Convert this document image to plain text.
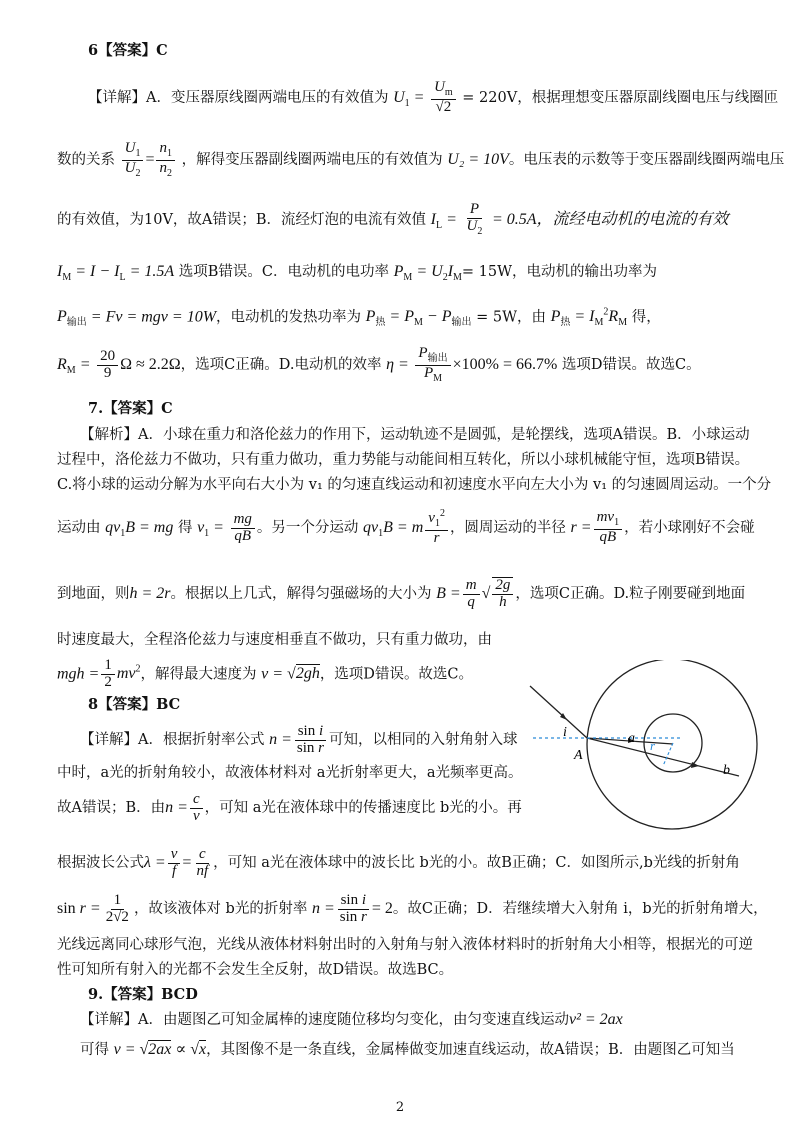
6【答案】C
【详解】A．变压器原线圈两端电压的有效值为 $U_1 = \frac{U_m}{√2} = 220V$，根据理想变压器原副线圈电压与线圈匝
数的关系 $\frac{U_1}{U_2} = \frac{n_1}{n_2}$ ，解得变压器副线圈两端电压的有效值为 U₂ = 10V。电压表的示数等于变压器副线圈两端电压
的有效值，为10V，故A错误；B．流经灯泡的电流有效值 $I_L = \frac{P}{U_2} = 0.5A$，流经电动机的电流的有效
$I_M = I - I_L = 1.5A$ 选项B错误。C．电动机的电功率 $P_M = U_2I_M= 15W$，电动机的输出功率为
$P_{输出} = Fv$ = mgv = 10W，电动机的发热功率为 $P_热 = P_M - P_{输出} = 5W$，由 $P_热 = I_M^2R_M$ 得，
$R_M = \frac{20}{9}$ Ω ≈ 2.2Ω，选项C正确。D.电动机的效率 $\eta = \frac{P_{输出}}{P_M} \times 100\% = 66.7\%$ 选项D错误。故选C。
7.【答案】C
【解析】A．小球在重力和洛伦兹力的作用下，运动轨迹不是圆弧，是轮摆线，选项A错误。B．小球运动
过程中，洛伦兹力不做功，只有重力做功，重力势能与动能间相互转化，所以小球机械能守恒，选项B错误。
C.将小球的运动分解为水平向右大小为 v₁ 的匀速直线运动和初速度水平向左大小为 v₁ 的匀速圆周运动。一个分
运动由 $qv_1B$ = mg 得 $v_1 = \frac{mg}{qB}$ 。另一个分运动 $qv_1B = m \frac{v_1^2}{r}$ ，圆周运动的半径 $r = \frac{mv_1}{qB}$ ，若小球刚好不会碰
到地面，则h = 2r。根据以上几式，解得匀强磁场的大小为 $B = \frac{m}{q}$ √ $\frac{2g}{h}$ ，选项C正确。D.粒子刚要碰到地面
时速度最大，全程洛伦兹力与速度相垂直不做功，只有重力做功，由
mgh = $\frac{1}{2} mv^2$，解得最大速度为 v = √2gh，选项D错误。故选C。
8【答案】BC
【详解】A．根据折射率公式 $n = \frac{\text{sin i}}{\text{sin r}}$ 可知，以相同的入射角射入球
中时，a光的折射角较小，故液体材料对 a光折射率更大，a光频率更高。
故A错误；B．由$n = \frac{c}{v}$ ，可知 a光在液体球中的传播速度比 b光的小。再
根据波长公式$\lambda = \frac{v}{f} = \frac{c}{nf}$ ，可知 a光在液体球中的波长比 b光的小。故B正确；C．如图所示,b光线的折射角
$\sin r = \frac{1}{2√2}$ ，故该液体对 b光的折射率 $n = \frac{\text{sin i}}{\text{sin r}} = 2$。故C正确；D．若继续增大入射角 i，b光的折射角增大，
光线远离同心球形气泡，光线从液体材料射出时的入射角与射入液体材料时的折射角大小相等，根据光的可逆
性可知所有射入的光都不会发生全反射，故D错误。故选BC。
9.【答案】BCD
【详解】A．由题图乙可知金属棒的速度随位移均匀变化，由匀变速直线运动v² = 2ax
可得 v = √2ax ∝ √x，其图像不是一条直线，金属棒做变加速直线运动，故A错误；B．由题图乙可知当
i
A
a r
b
2
